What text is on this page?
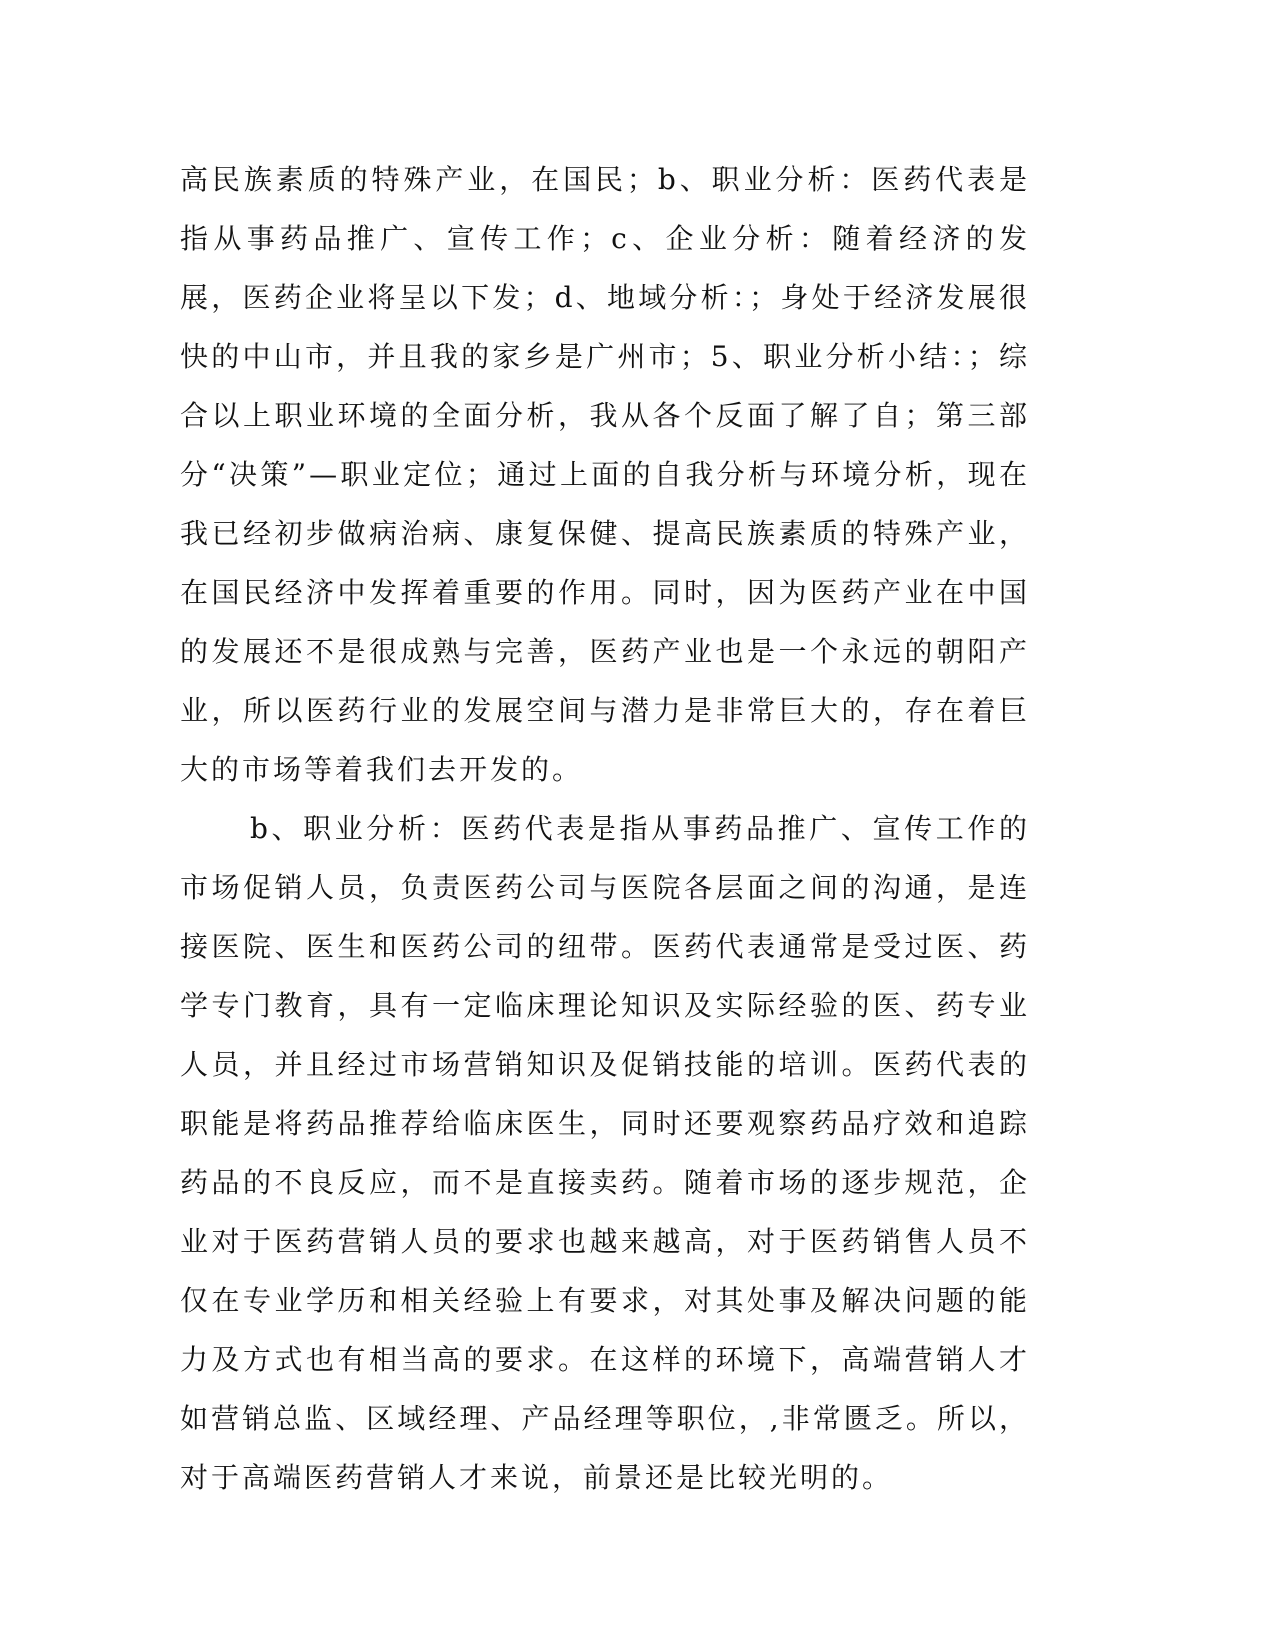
高民族素质的特殊产业，在国民；b、职业分析：医药代表是指从事药品推广、宣传工作；c、企业分析：随着经济的发展，医药企业将呈以下发；d、地域分析：；身处于经济发展很快的中山市，并且我的家乡是广州市；5、职业分析小结：；综合以上职业环境的全面分析，我从各个反面了解了自；第三部分“决策”—职业定位；通过上面的自我分析与环境分析，现在我已经初步做病治病、康复保健、提高民族素质的特殊产业，在国民经济中发挥着重要的作用。同时，因为医药产业在中国的发展还不是很成熟与完善，医药产业也是一个永远的朝阳产业，所以医药行业的发展空间与潜力是非常巨大的，存在着巨大的市场等着我们去开发的。

b、职业分析：医药代表是指从事药品推广、宣传工作的市场促销人员，负责医药公司与医院各层面之间的沟通，是连接医院、医生和医药公司的纽带。医药代表通常是受过医、药学专门教育，具有一定临床理论知识及实际经验的医、药专业人员，并且经过市场营销知识及促销技能的培训。医药代表的职能是将药品推荐给临床医生，同时还要观察药品疗效和追踪药品的不良反应，而不是直接卖药。随着市场的逐步规范，企业对于医药营销人员的要求也越来越高，对于医药销售人员不仅在专业学历和相关经验上有要求，对其处事及解决问题的能力及方式也有相当高的要求。在这样的环境下，高端营销人才如营销总监、区域经理、产品经理等职位，,非常匮乏。所以，对于高端医药营销人才来说，前景还是比较光明的。
